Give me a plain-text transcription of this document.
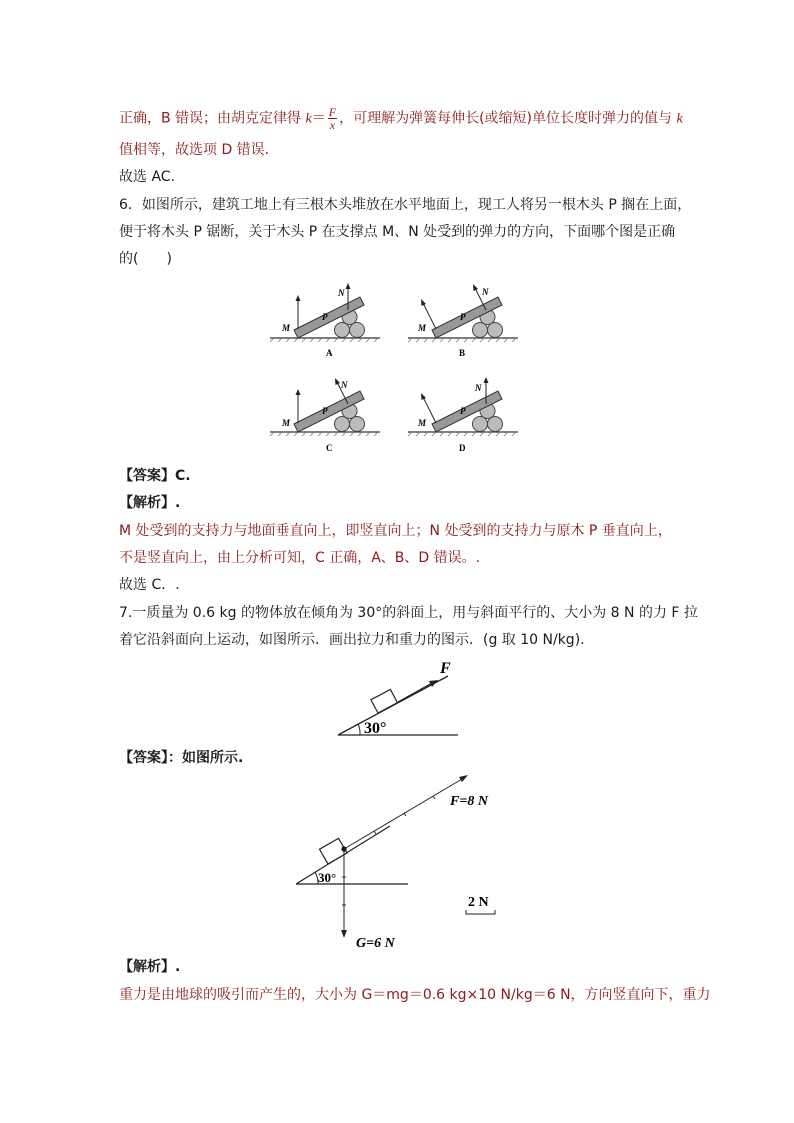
正确，B 错误；由胡克定律得 $k= \frac{F}{x}$ ，可理解为弹簧每伸长(或缩短)单位长度时弹力的值与 k
值相等，故选项 D 错误．
故选 AC.
6．如图所示，建筑工地上有三根木头堆放在水平地面上，现工人将另一根木头 P 搁在上面，
便于将木头 P 锯断，关于木头 P 在支撑点 M、N 处受到的弹力的方向，下面哪个图是正确
的(　　)
M
P
N
A
M
P
N
B
M
P
N
C
M
P
N
D
【答案】C.
【解析】.
M 处受到的支持力与地面垂直向上，即竖直向上；N 处受到的支持力与原木 P 垂直向上，
不是竖直向上，由上分析可知，C 正确，A、B、D 错误。.
故选 C．.
7.一质量为 0.6 kg 的物体放在倾角为 30°的斜面上，用与斜面平行的、大小为 8 N 的力 F 拉
着它沿斜面向上运动，如图所示．画出拉力和重力的图示．(g 取 10 N/kg).
F
30°
【答案】：如图所示.
30°
F=8 N
G=6 N
2 N
【解析】.
重力是由地球的吸引而产生的，大小为 G＝mg＝0.6 kg×10 N/kg＝6 N，方向竖直向下，重力
